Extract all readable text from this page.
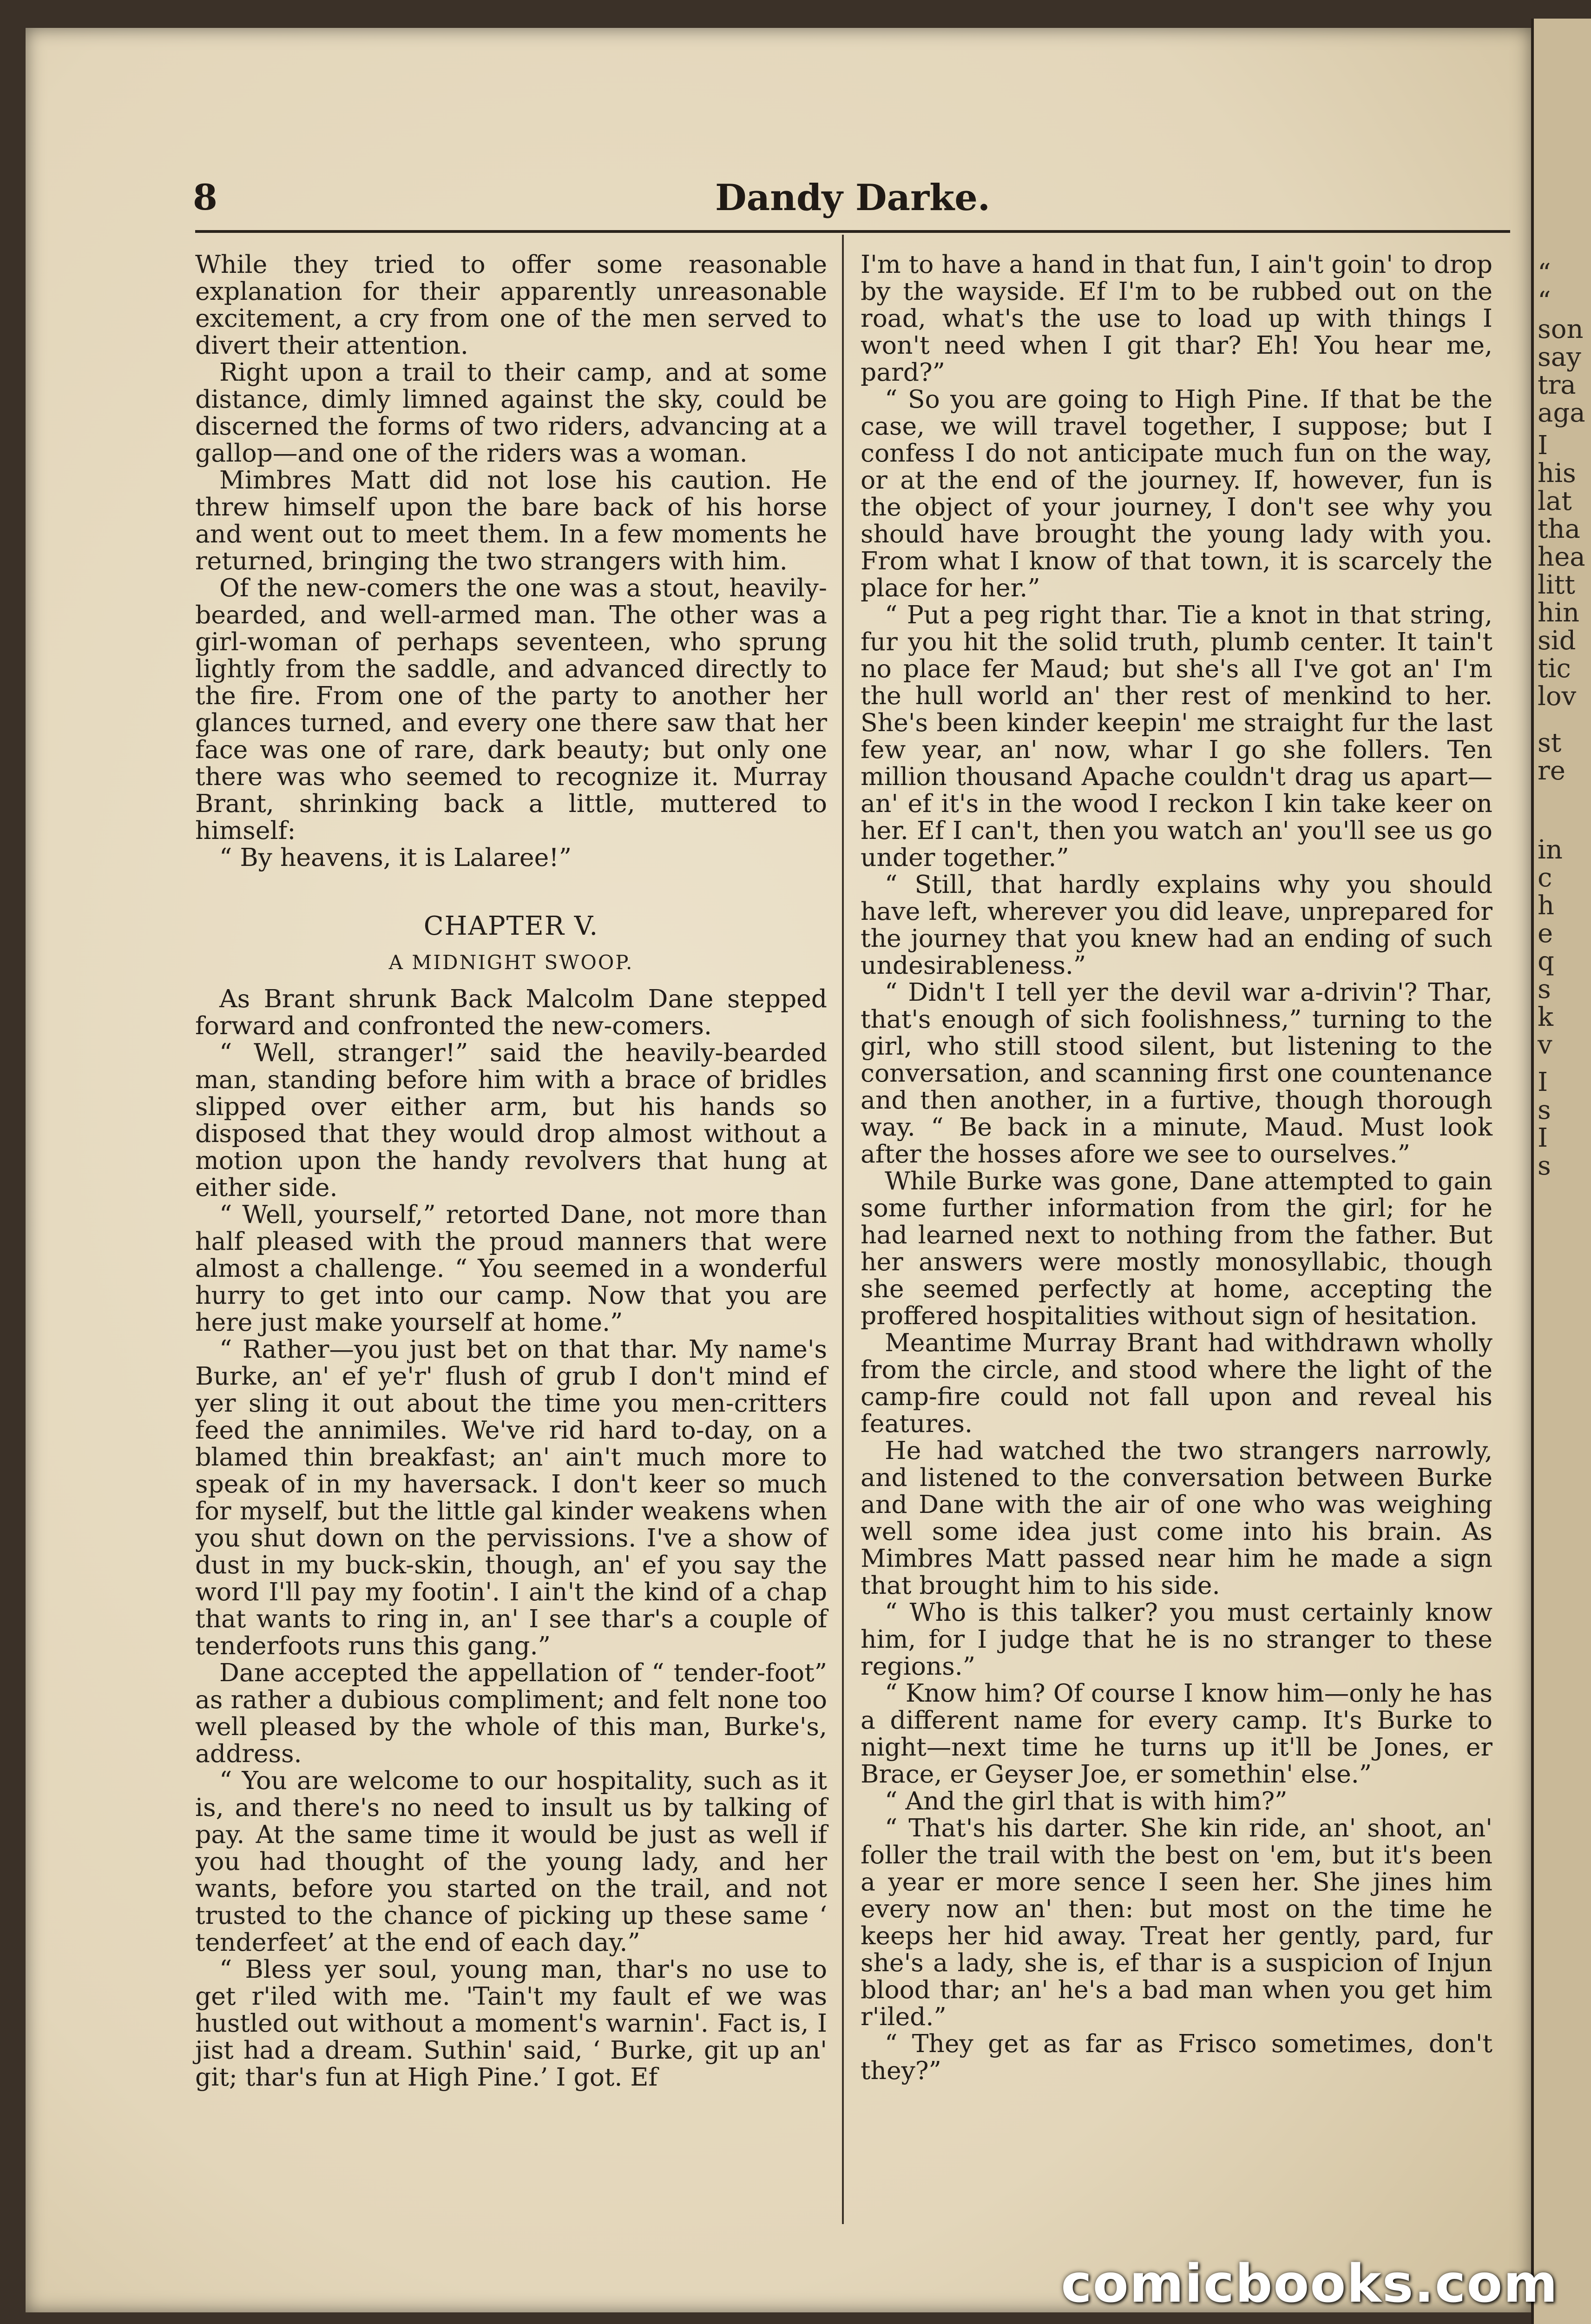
8	Dandy Darke.

While they tried to offer some reasonable explanation for their apparently unreasonable excitement, a cry from one of the men served to divert their attention.

Right upon a trail to their camp, and at some distance, dimly limned against the sky, could be discerned the forms of two riders, advancing at a gallop—and one of the riders was a woman.

Mimbres Matt did not lose his caution. He threw himself upon the bare back of his horse and went out to meet them. In a few moments he returned, bringing the two strangers with him.

Of the new-comers the one was a stout, heavily-bearded, and well-armed man. The other was a girl-woman of perhaps seventeen, who sprung lightly from the saddle, and advanced directly to the fire. From one of the party to another her glances turned, and every one there saw that her face was one of rare, dark beauty; but only one there was who seemed to recognize it. Murray Brant, shrinking back a little, muttered to himself:

“ By heavens, it is Lalaree!”

CHAPTER V.
A MIDNIGHT SWOOP.

As Brant shrunk Back Malcolm Dane stepped forward and confronted the new-comers.

“ Well, stranger!” said the heavily-bearded man, standing before him with a brace of bridles slipped over either arm, but his hands so disposed that they would drop almost without a motion upon the handy revolvers that hung at either side.

“ Well, yourself,” retorted Dane, not more than half pleased with the proud manners that were almost a challenge. “ You seemed in a wonderful hurry to get into our camp. Now that you are here just make yourself at home.”

“ Rather—you just bet on that thar. My name's Burke, an' ef ye'r' flush of grub I don't mind ef yer sling it out about the time you men-critters feed the annimiles. We've rid hard to-day, on a blamed thin breakfast; an' ain't much more to speak of in my haversack. I don't keer so much for myself, but the little gal kinder weakens when you shut down on the pervissions. I've a show of dust in my buck-skin, though, an' ef you say the word I'll pay my footin'. I ain't the kind of a chap that wants to ring in, an' I see thar's a couple of tenderfoots runs this gang.”

Dane accepted the appellation of “ tender-foot” as rather a dubious compliment; and felt none too well pleased by the whole of this man, Burke's, address.

“ You are welcome to our hospitality, such as it is, and there's no need to insult us by talking of pay. At the same time it would be just as well if you had thought of the young lady, and her wants, before you started on the trail, and not trusted to the chance of picking up these same ‘ tenderfeet’ at the end of each day.”

“ Bless yer soul, young man, thar's no use to get r'iled with me. 'Tain't my fault ef we was hustled out without a moment's warnin'. Fact is, I jist had a dream. Suthin' said, ‘ Burke, git up an' git; thar's fun at High Pine.’ I got. Ef

I'm to have a hand in that fun, I ain't goin' to drop by the wayside. Ef I'm to be rubbed out on the road, what's the use to load up with things I won't need when I git thar? Eh! You hear me, pard?”

“ So you are going to High Pine. If that be the case, we will travel together, I suppose; but I confess I do not anticipate much fun on the way, or at the end of the journey. If, however, fun is the object of your journey, I don't see why you should have brought the young lady with you. From what I know of that town, it is scarcely the place for her.”

“ Put a peg right thar. Tie a knot in that string, fur you hit the solid truth, plumb center. It tain't no place fer Maud; but she's all I've got an' I'm the hull world an' ther rest of menkind to her. She's been kinder keepin' me straight fur the last few year, an' now, whar I go she follers. Ten million thousand Apache couldn't drag us apart—an' ef it's in the wood I reckon I kin take keer on her. Ef I can't, then you watch an' you'll see us go under together.”

“ Still, that hardly explains why you should have left, wherever you did leave, unprepared for the journey that you knew had an ending of such undesirableness.”

“ Didn't I tell yer the devil war a-drivin'? Thar, that's enough of sich foolishness,” turning to the girl, who still stood silent, but listening to the conversation, and scanning first one countenance and then another, in a furtive, though thorough way. “ Be back in a minute, Maud. Must look after the hosses afore we see to ourselves.”

While Burke was gone, Dane attempted to gain some further information from the girl; for he had learned next to nothing from the father. But her answers were mostly monosyllabic, though she seemed perfectly at home, accepting the proffered hospitalities without sign of hesitation.

Meantime Murray Brant had withdrawn wholly from the circle, and stood where the light of the camp-fire could not fall upon and reveal his features.

He had watched the two strangers narrowly, and listened to the conversation between Burke and Dane with the air of one who was weighing well some idea just come into his brain. As Mimbres Matt passed near him he made a sign that brought him to his side.

“ Who is this talker? you must certainly know him, for I judge that he is no stranger to these regions.”

“ Know him? Of course I know him—only he has a different name for every camp. It's Burke to night—next time he turns up it'll be Jones, er Brace, er Geyser Joe, er somethin' else.”

“ And the girl that is with him?”

“ That's his darter. She kin ride, an' shoot, an' foller the trail with the best on 'em, but it's been a year er more sence I seen her. She jines him every now an' then: but most on the time he keeps her hid away. Treat her gently, pard, fur she's a lady, she is, ef thar is a suspicion of Injun blood thar; an' he's a bad man when you get him r'iled.”

“ They get as far as Frisco sometimes, don't they?”

“
“
son
say
tra
aga
I
his
lat
tha
hea
litt
hin
sid
tic
lov
st
re
in
c
h
e
q
s
k
v
I
s
I
s
comicbooks.com
